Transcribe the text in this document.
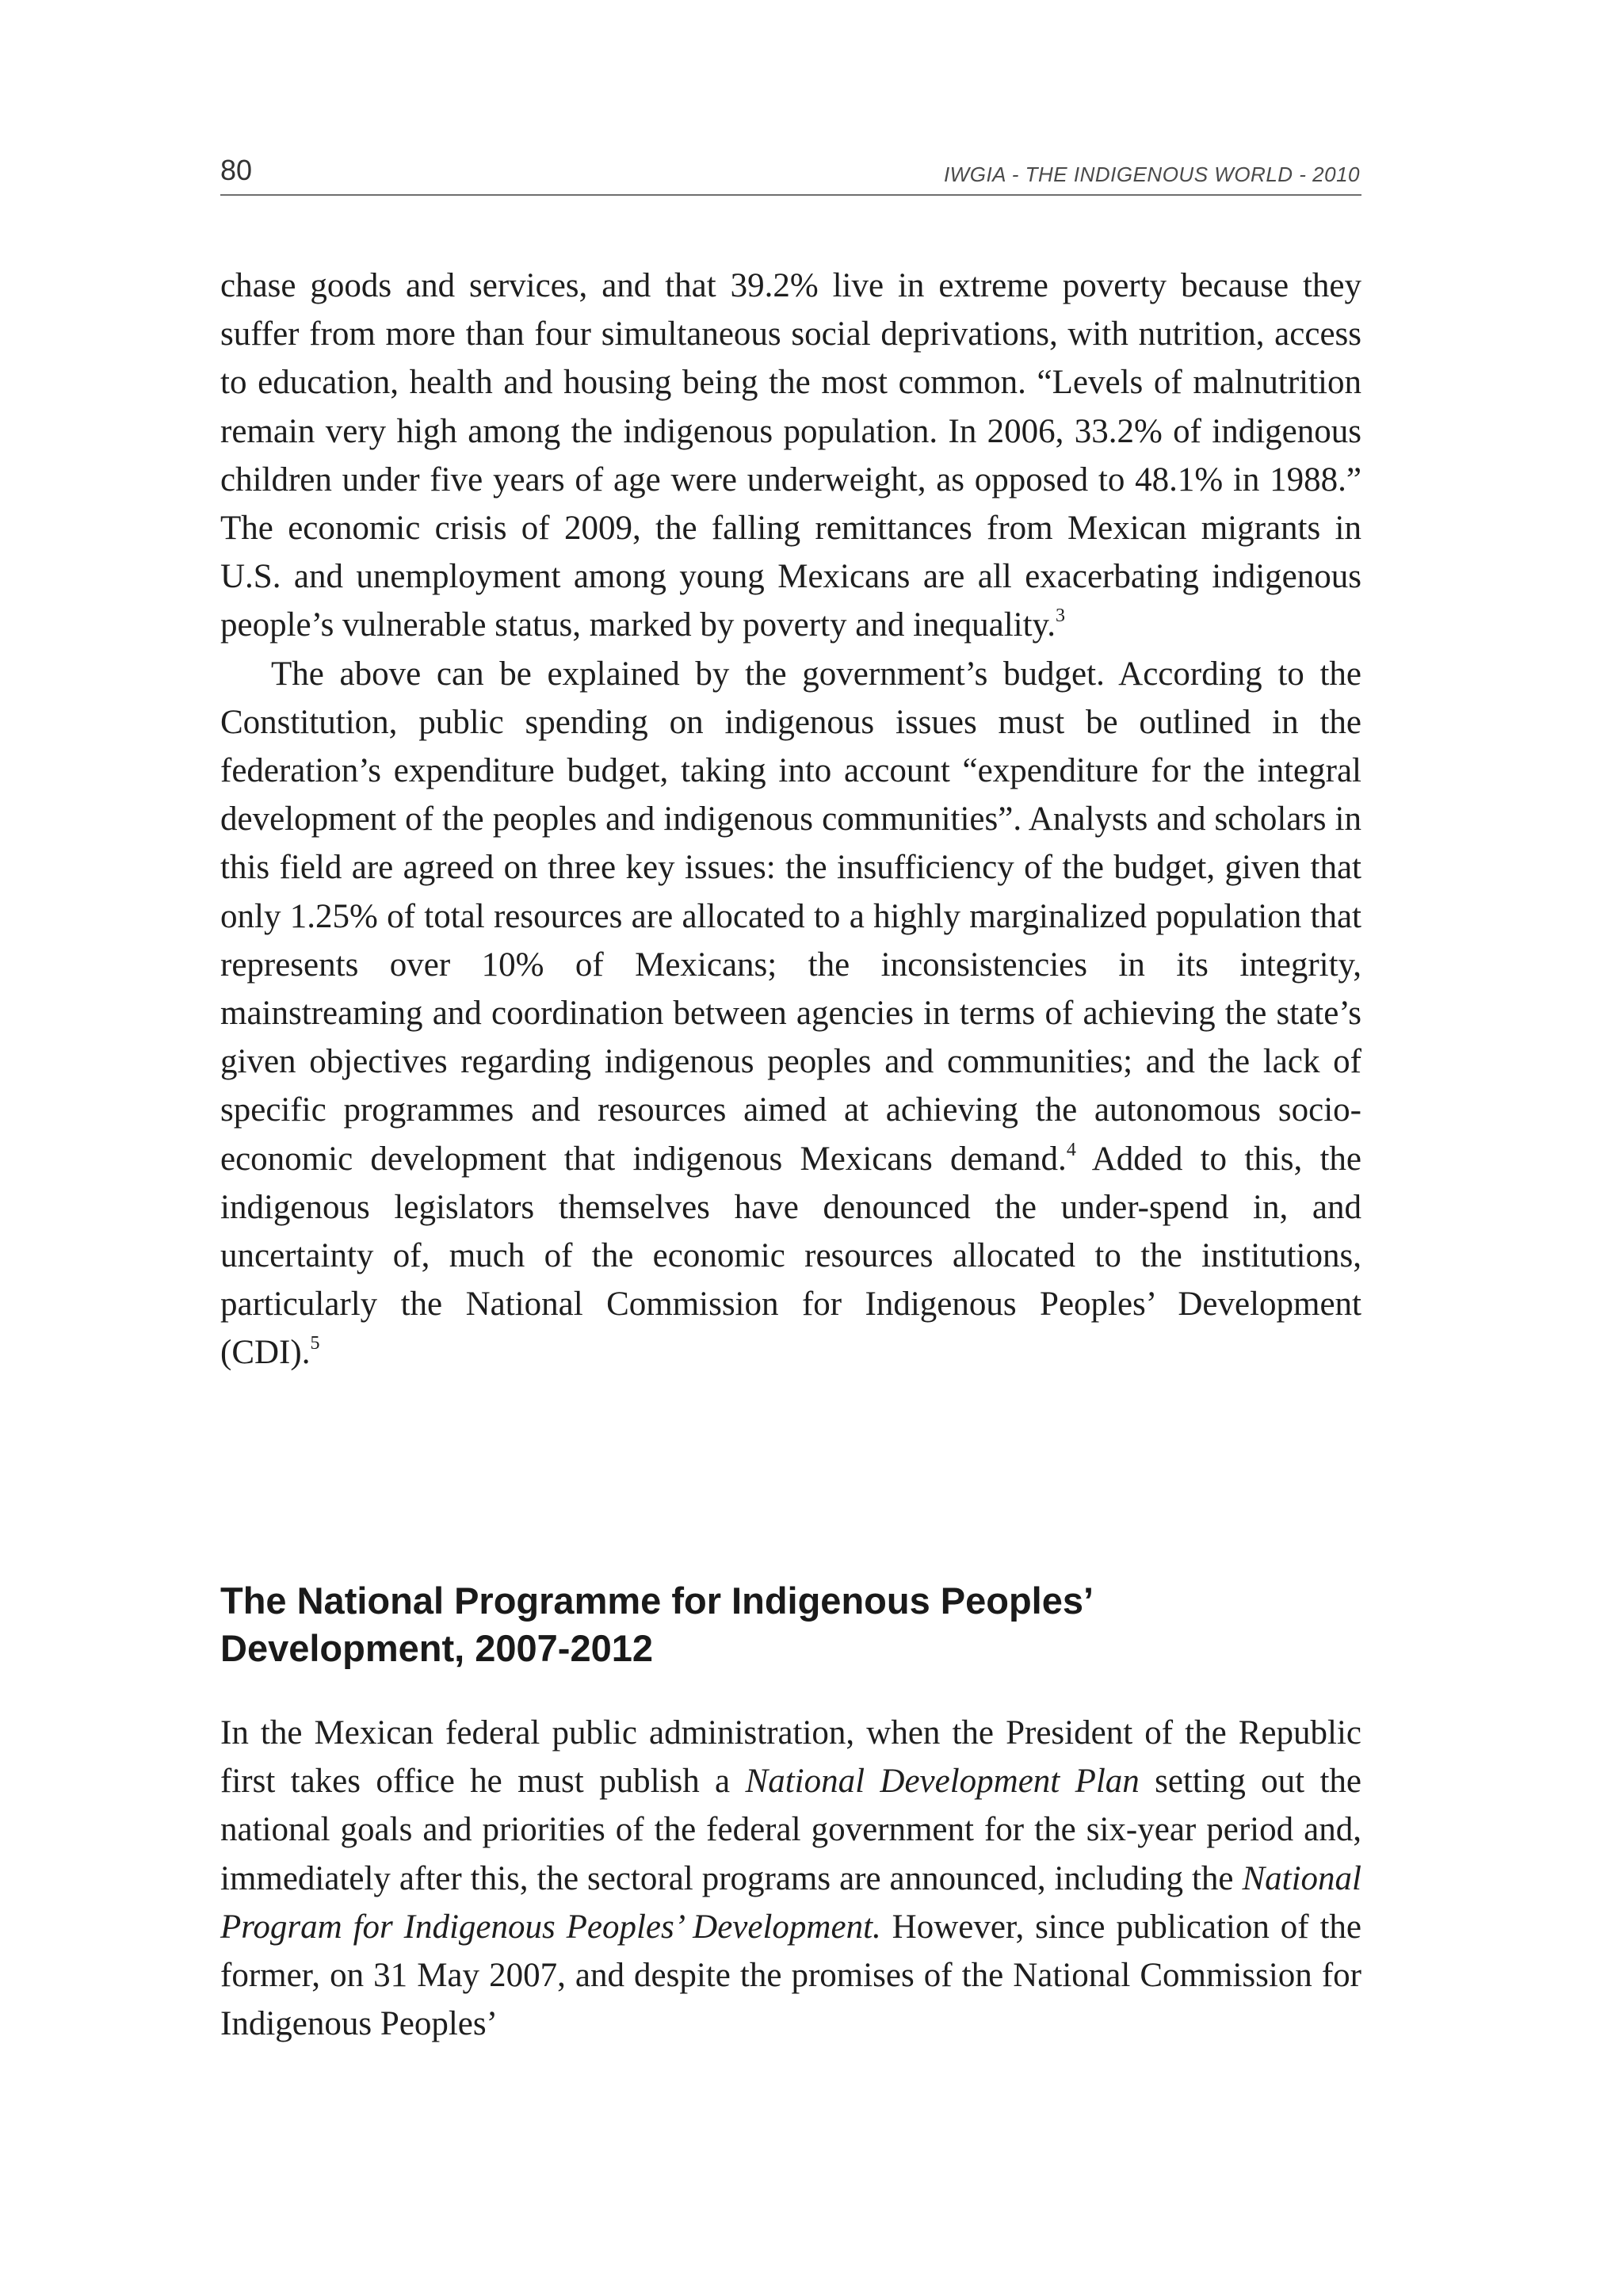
80	IWGIA - THE INDIGENOUS WORLD - 2010

chase goods and services, and that 39.2% live in extreme poverty because they suffer from more than four simultaneous social deprivations, with nutrition, access to education, health and housing being the most common. “Levels of malnutrition remain very high among the indigenous population. In 2006, 33.2% of indigenous children under five years of age were underweight, as opposed to 48.1% in 1988.” The economic crisis of 2009, the falling remittances from Mexican migrants in U.S. and unemployment among young Mexicans are all exacerbating indigenous people’s vulnerable status, marked by poverty and inequality.$^3$

The above can be explained by the government’s budget. According to the Constitution, public spending on indigenous issues must be outlined in the federation’s expenditure budget, taking into account “expenditure for the integral development of the peoples and indigenous communities”. Analysts and scholars in this field are agreed on three key issues: the insufficiency of the budget, given that only 1.25% of total resources are allocated to a highly marginalized population that represents over 10% of Mexicans; the inconsistencies in its integrity, mainstreaming and coordination between agencies in terms of achieving the state’s given objectives regarding indigenous peoples and communities; and the lack of specific programmes and resources aimed at achieving the autonomous socio-economic development that indigenous Mexicans demand.$^4$ Added to this, the indigenous legislators themselves have denounced the under-spend in, and uncertainty of, much of the economic resources allocated to the institutions, particularly the National Commission for Indigenous Peoples’ Development (CDI).$^5$

The National Programme for Indigenous Peoples’
Development, 2007-2012

In the Mexican federal public administration, when the President of the Republic first takes office he must publish a National Development Plan setting out the national goals and priorities of the federal government for the six-year period and, immediately after this, the sectoral programs are announced, including the National Program for Indigenous Peoples’ Development. However, since publication of the former, on 31 May 2007, and despite the promises of the National Commission for Indigenous Peoples’
